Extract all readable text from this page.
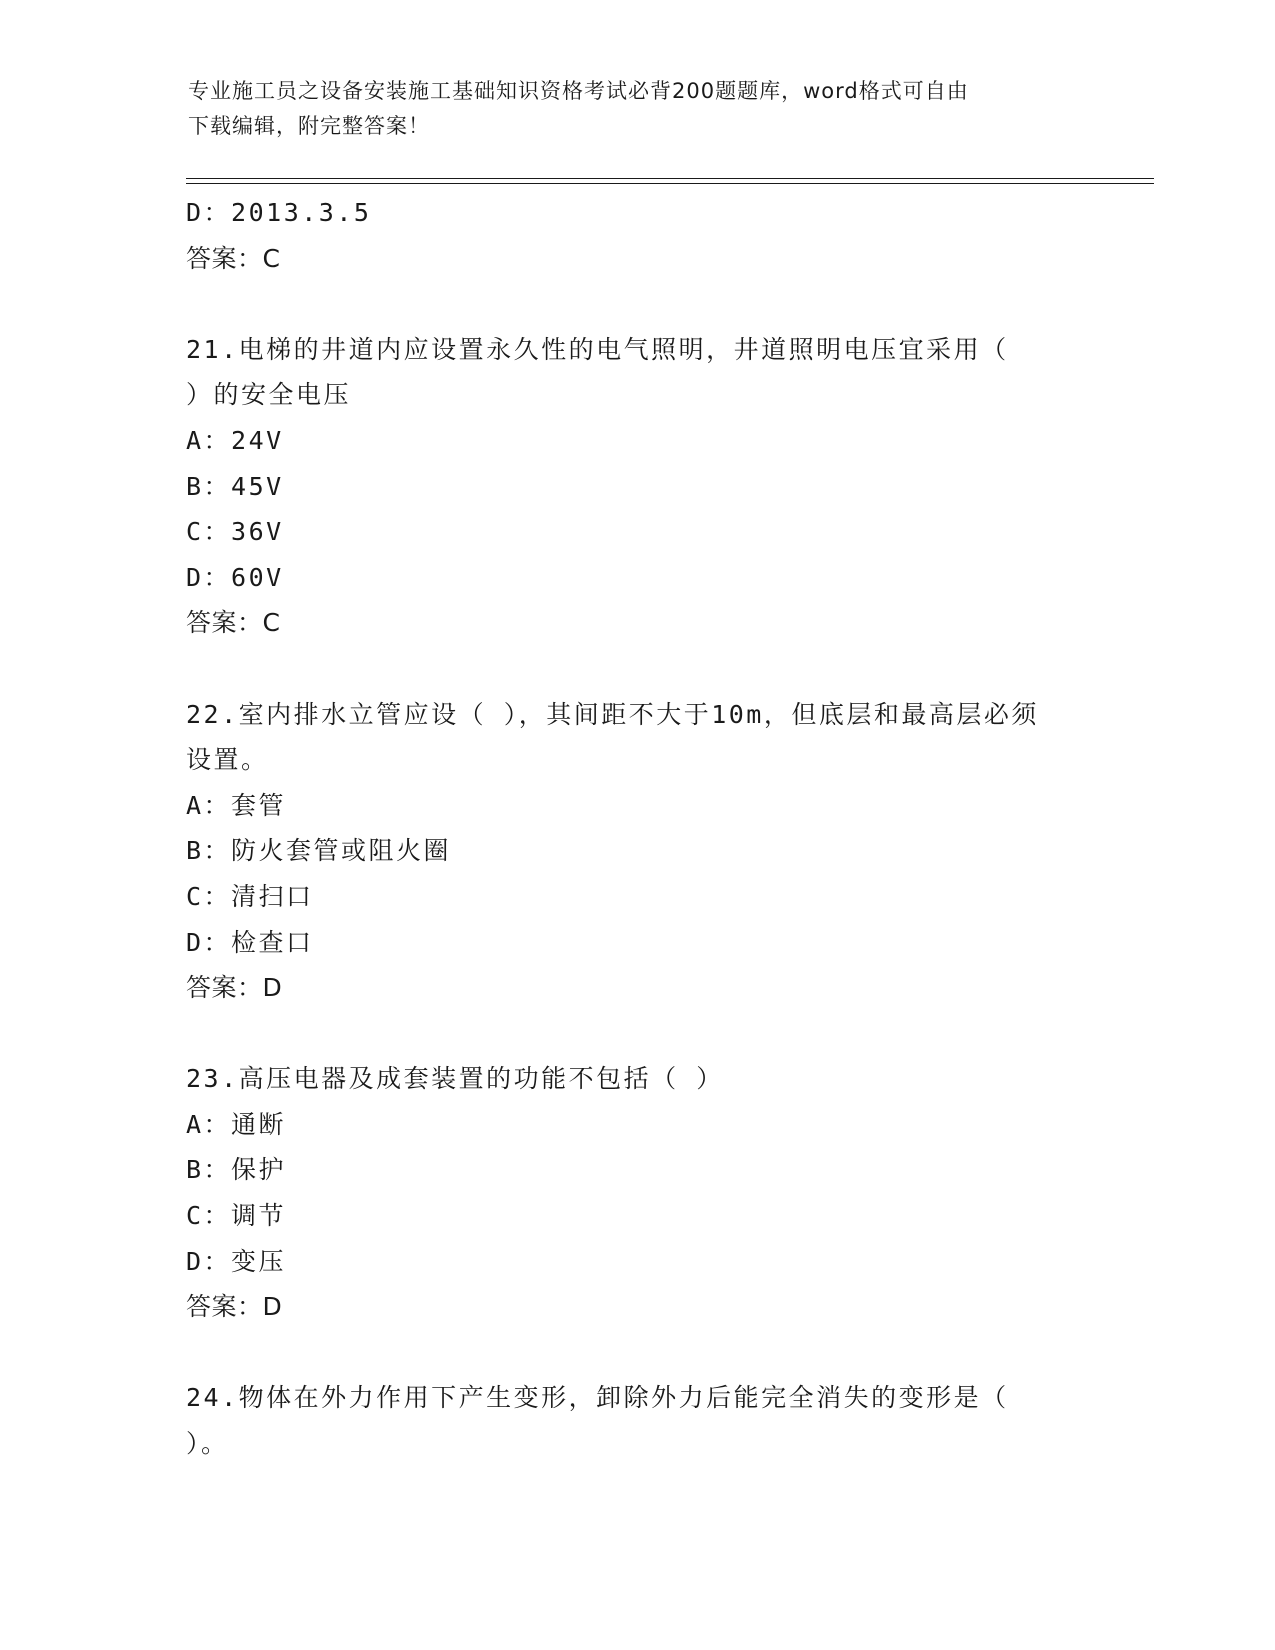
专业施工员之设备安装施工基础知识资格考试必背200题题库，word格式可自由
下载编辑，附完整答案！
D：2013.3.5
答案：C
21.电梯的井道内应设置永久性的电气照明，井道照明电压宜采用（
）的安全电压
A：24V
B：45V
C：36V
D：60V
答案：C
22.室内排水立管应设（ ），其间距不大于10m，但底层和最高层必须
设置。
A：套管
B：防火套管或阻火圈
C：清扫口
D：检查口
答案：D
23.高压电器及成套装置的功能不包括（ ）
A：通断
B：保护
C：调节
D：变压
答案：D
24.物体在外力作用下产生变形，卸除外力后能完全消失的变形是（
）。
